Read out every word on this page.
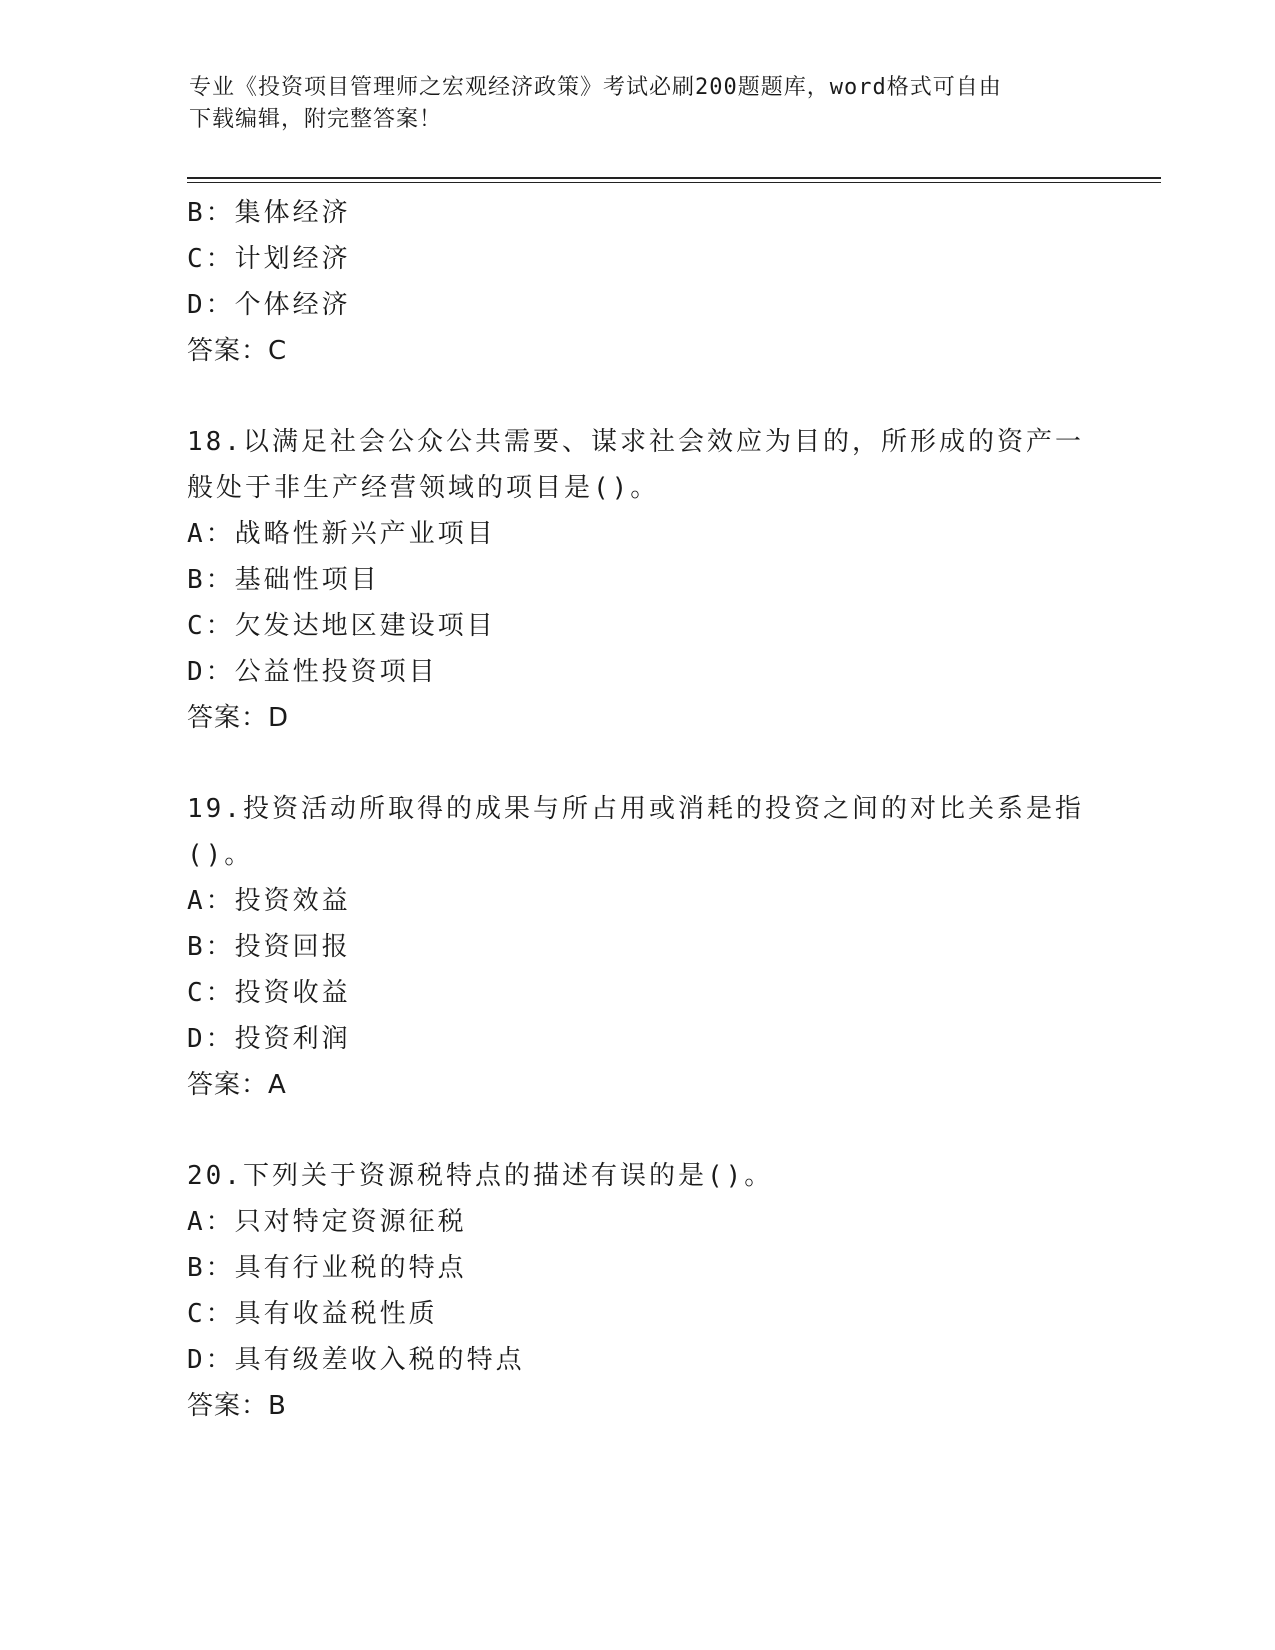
专业《投资项目管理师之宏观经济政策》考试必刷200题题库，word格式可自由
下载编辑，附完整答案！
B：集体经济
C：计划经济
D：个体经济
答案：C
18.以满足社会公众公共需要、谋求社会效应为目的，所形成的资产一
般处于非生产经营领域的项目是()。
A：战略性新兴产业项目
B：基础性项目
C：欠发达地区建设项目
D：公益性投资项目
答案：D
19.投资活动所取得的成果与所占用或消耗的投资之间的对比关系是指
()。
A：投资效益
B：投资回报
C：投资收益
D：投资利润
答案：A
20.下列关于资源税特点的描述有误的是()。
A：只对特定资源征税
B：具有行业税的特点
C：具有收益税性质
D：具有级差收入税的特点
答案：B
